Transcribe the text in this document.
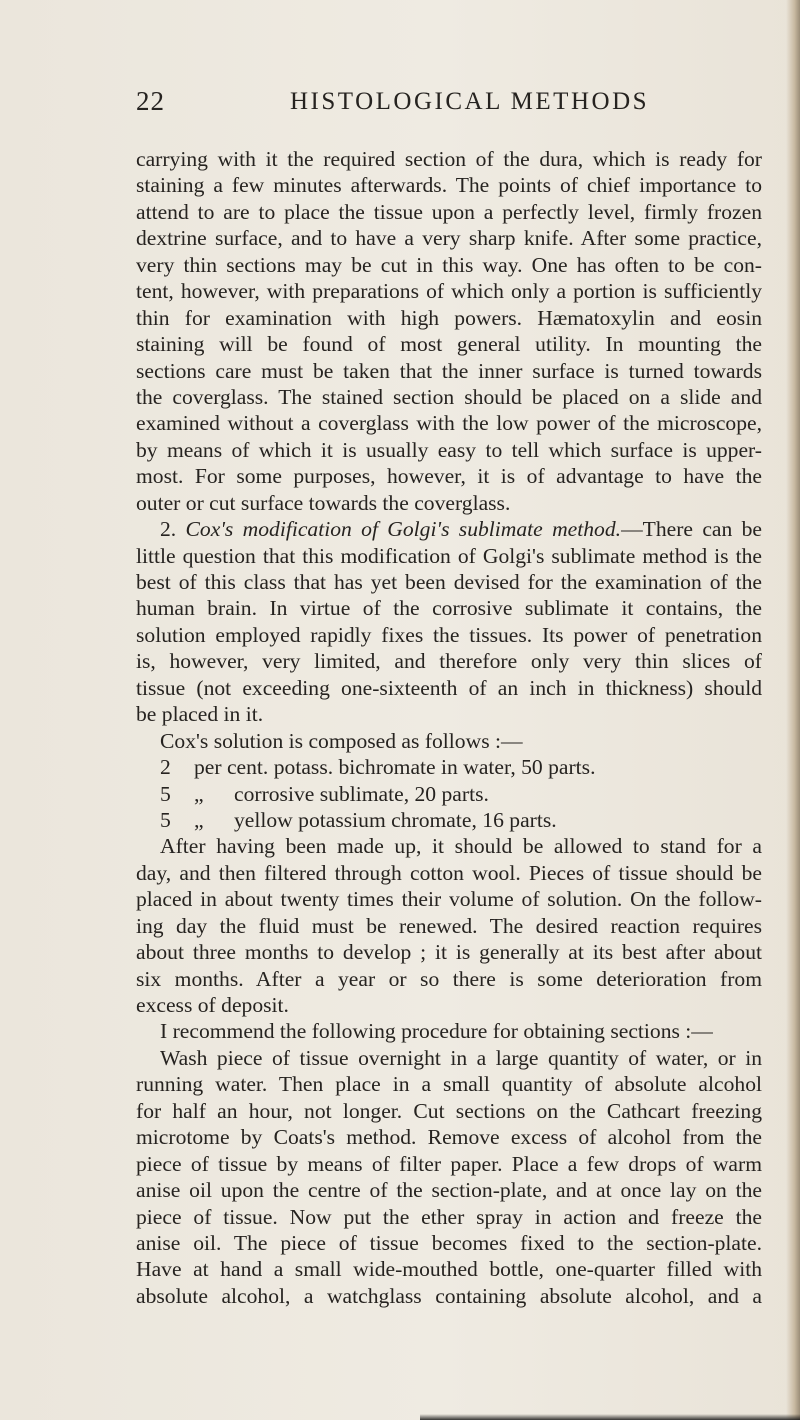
22	HISTOLOGICAL METHODS
carrying with it the required section of the dura, which is ready for
staining a few minutes afterwards. The points of chief importance to
attend to are to place the tissue upon a perfectly level, firmly frozen
dextrine surface, and to have a very sharp knife. After some practice,
very thin sections may be cut in this way. One has often to be con-
tent, however, with preparations of which only a portion is sufficiently
thin for examination with high powers. Hæmatoxylin and eosin
staining will be found of most general utility. In mounting the
sections care must be taken that the inner surface is turned towards
the coverglass. The stained section should be placed on a slide and
examined without a coverglass with the low power of the microscope,
by means of which it is usually easy to tell which surface is upper-
most. For some purposes, however, it is of advantage to have the
outer or cut surface towards the coverglass.
2. Cox's modification of Golgi's sublimate method.—There can be
little question that this modification of Golgi's sublimate method is the
best of this class that has yet been devised for the examination of the
human brain. In virtue of the corrosive sublimate it contains, the
solution employed rapidly fixes the tissues. Its power of penetration
is, however, very limited, and therefore only very thin slices of
tissue (not exceeding one-sixteenth of an inch in thickness) should
be placed in it.
Cox's solution is composed as follows :—
2 per cent. potass. bichromate in water, 50 parts.
5 „ corrosive sublimate, 20 parts.
5 „ yellow potassium chromate, 16 parts.
After having been made up, it should be allowed to stand for a
day, and then filtered through cotton wool. Pieces of tissue should be
placed in about twenty times their volume of solution. On the follow-
ing day the fluid must be renewed. The desired reaction requires
about three months to develop ; it is generally at its best after about
six months. After a year or so there is some deterioration from
excess of deposit.
I recommend the following procedure for obtaining sections :—
Wash piece of tissue overnight in a large quantity of water, or in
running water. Then place in a small quantity of absolute alcohol
for half an hour, not longer. Cut sections on the Cathcart freezing
microtome by Coats's method. Remove excess of alcohol from the
piece of tissue by means of filter paper. Place a few drops of warm
anise oil upon the centre of the section-plate, and at once lay on the
piece of tissue. Now put the ether spray in action and freeze the
anise oil. The piece of tissue becomes fixed to the section-plate.
Have at hand a small wide-mouthed bottle, one-quarter filled with
absolute alcohol, a watchglass containing absolute alcohol, and a
